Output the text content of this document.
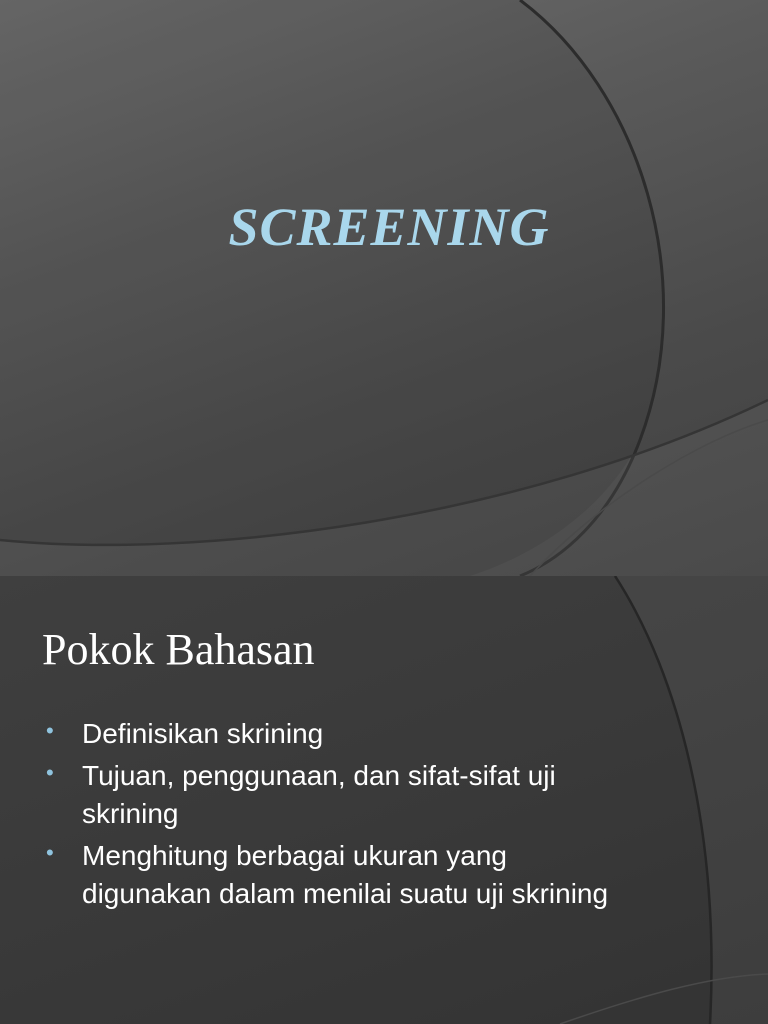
SCREENING
Pokok Bahasan
• Definisikan skrining
• Tujuan, penggunaan, dan sifat-sifat uji skrining
• Menghitung berbagai ukuran yang digunakan dalam menilai suatu uji skrining
